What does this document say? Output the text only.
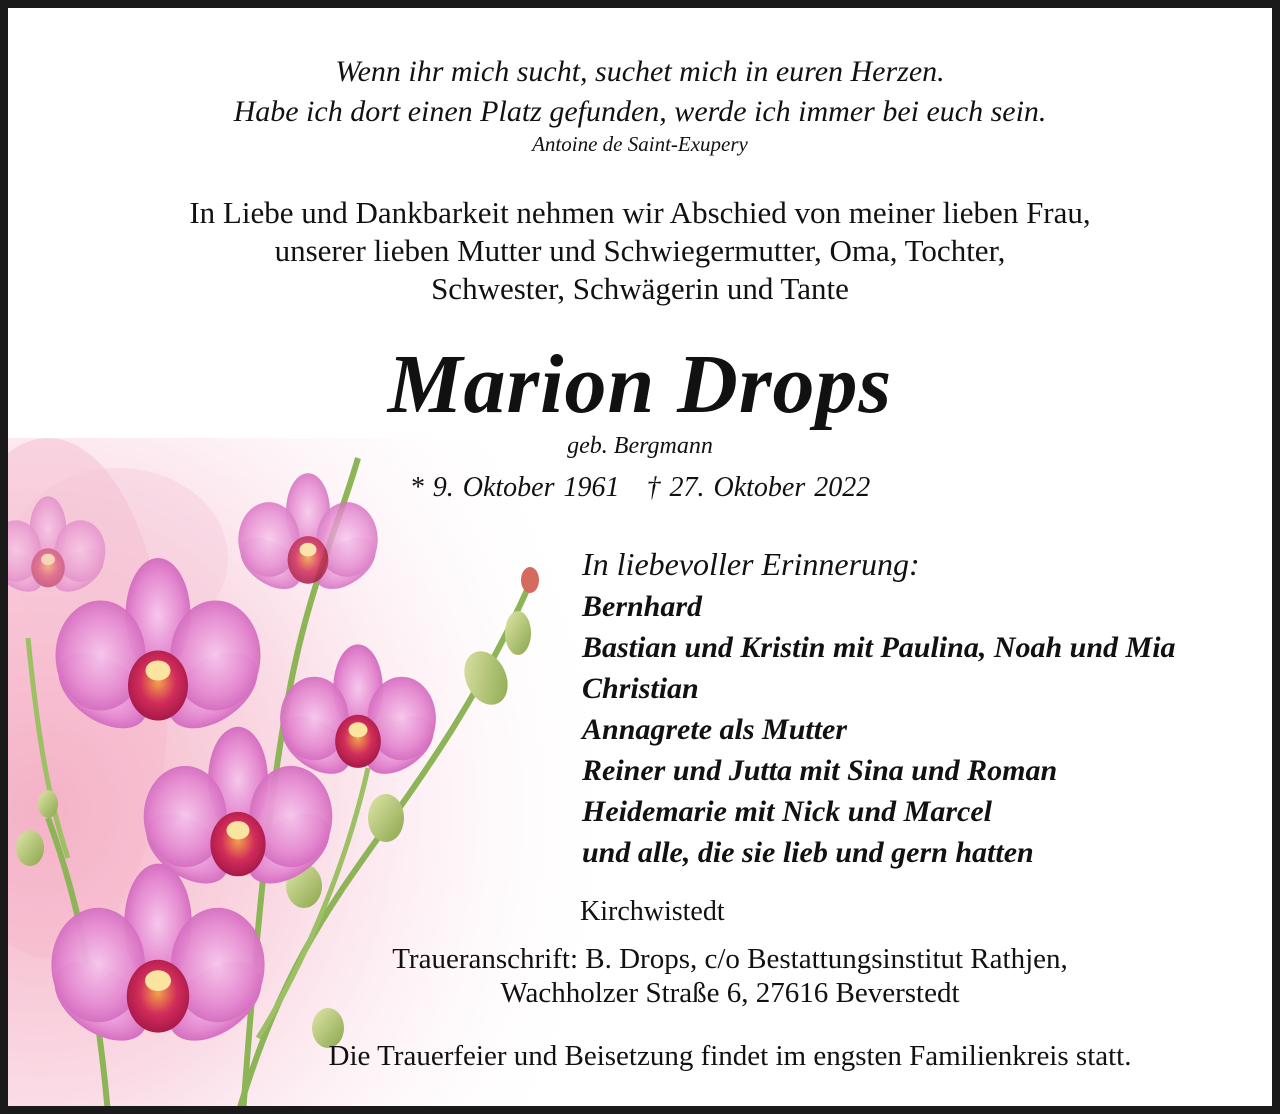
Wenn ihr mich sucht, suchet mich in euren Herzen.
Habe ich dort einen Platz gefunden, werde ich immer bei euch sein.
Antoine de Saint-Exupery
In Liebe und Dankbarkeit nehmen wir Abschied von meiner lieben Frau,
unserer lieben Mutter und Schwiegermutter, Oma, Tochter,
Schwester, Schwägerin und Tante
Marion Drops
geb. Bergmann
* 9. Oktober 1961 † 27. Oktober 2022
In liebevoller Erinnerung:
Bernhard
Bastian und Kristin mit Paulina, Noah und Mia
Christian
Annagrete als Mutter
Reiner und Jutta mit Sina und Roman
Heidemarie mit Nick und Marcel
und alle, die sie lieb und gern hatten
Kirchwistedt
Traueranschrift: B. Drops, c/o Bestattungsinstitut Rathjen,
Wachholzer Straße 6, 27616 Beverstedt
Die Trauerfeier und Beisetzung findet im engsten Familienkreis statt.
